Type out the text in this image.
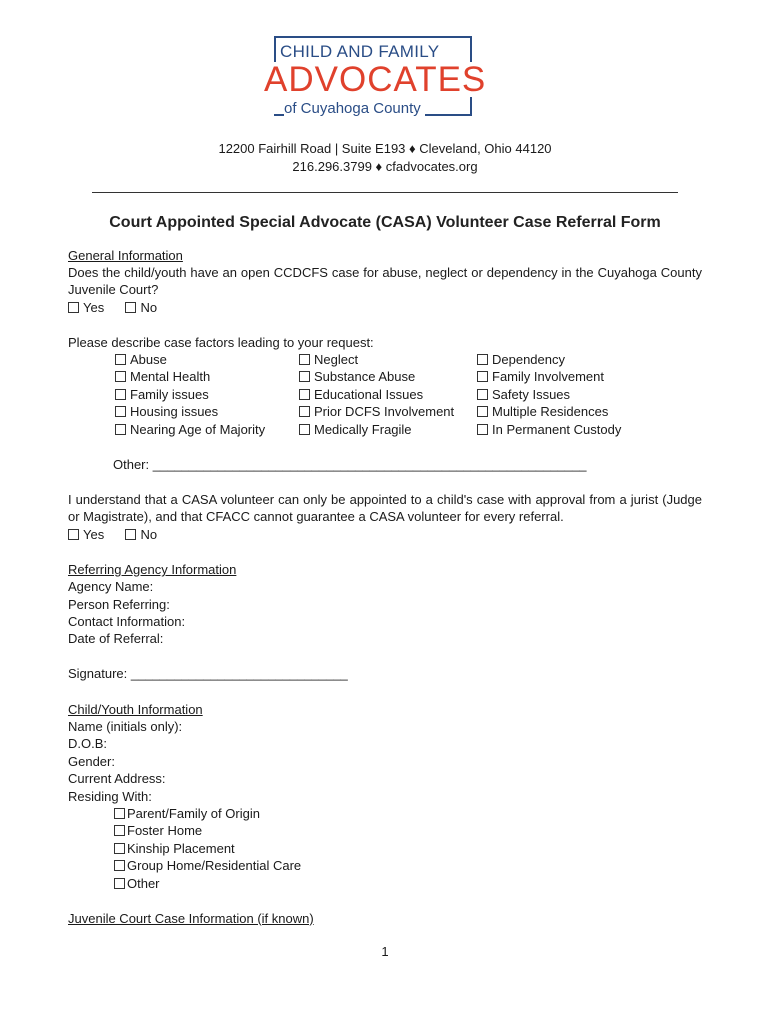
CHILD AND FAMILY
ADVOCATES
of Cuyahoga County
12200 Fairhill Road | Suite E193 ♦ Cleveland, Ohio 44120
216.296.3799 ♦ cfadvocates.org
Court Appointed Special Advocate (CASA) Volunteer Case Referral Form
General Information
Does the child/youth have an open CCDCFS case for abuse, neglect or dependency in the Cuyahoga County Juvenile Court?
Yes	No
Please describe case factors leading to your request:
Abuse
Mental Health
Family issues
Housing issues
Nearing Age of Majority
Neglect
Substance Abuse
Educational Issues
Prior DCFS Involvement
Medically Fragile
Dependency
Family Involvement
Safety Issues
Multiple Residences
In Permanent Custody
Other: ____________________________________________________________
I understand that a CASA volunteer can only be appointed to a child's case with approval from a jurist (Judge or Magistrate), and that CFACC cannot guarantee a CASA volunteer for every referral.
Yes	No
Referring Agency Information
Agency Name:
Person Referring:
Contact Information:
Date of Referral:
Signature: ______________________________
Child/Youth Information
Name (initials only):
D.O.B:
Gender:
Current Address:
Residing With:
Parent/Family of Origin
Foster Home
Kinship Placement
Group Home/Residential Care
Other
Juvenile Court Case Information (if known)
1
